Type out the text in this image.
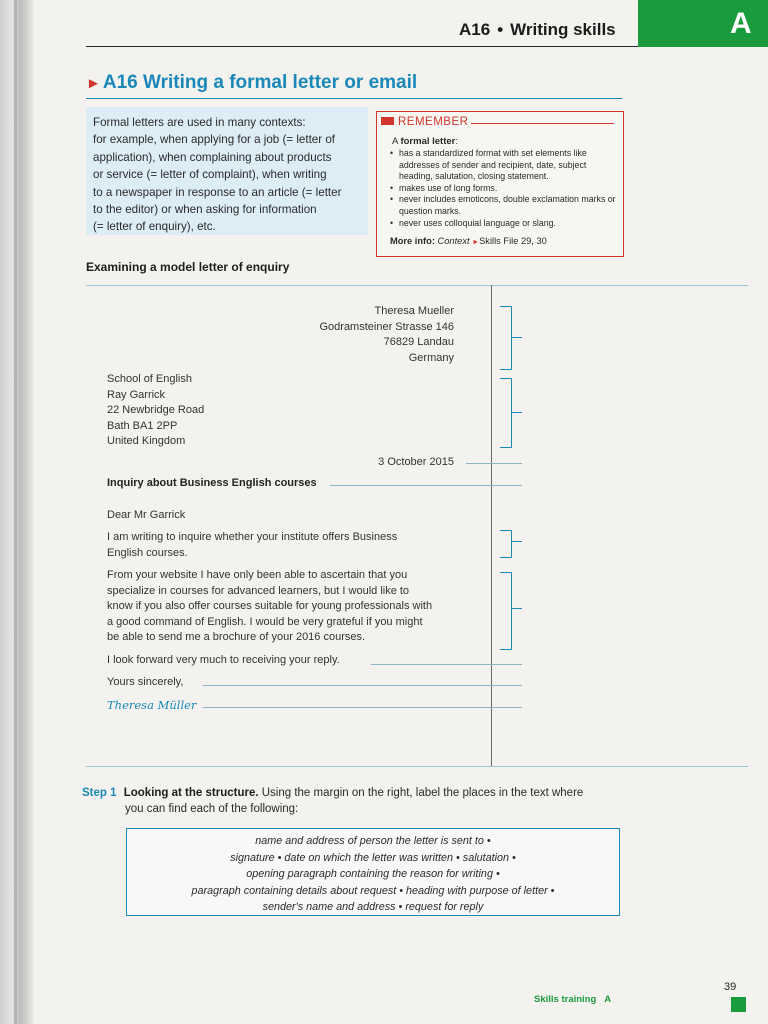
A16 • Writing skills	A
► A16 Writing a formal letter or email
Formal letters are used in many contexts:
for example, when applying for a job (= letter of
application), when complaining about products
or service (= letter of complaint), when writing
to a newspaper in response to an article (= letter
to the editor) or when asking for information
(= letter of enquiry), etc.
REMEMBER
A formal letter:
• has a standardized format with set elements like addresses of sender and recipient, date, subject heading, salutation, closing statement.
• makes use of long forms.
• never includes emoticons, double exclamation marks or question marks.
• never uses colloquial language or slang.
More info: Context ►Skills File 29, 30
Examining a model letter of enquiry
Theresa Mueller
Godramsteiner Strasse 146
76829 Landau
Germany
School of English
Ray Garrick
22 Newbridge Road
Bath BA1 2PP
United Kingdom
3 October 2015
Inquiry about Business English courses
Dear Mr Garrick
I am writing to inquire whether your institute offers Business
English courses.
From your website I have only been able to ascertain that you
specialize in courses for advanced learners, but I would like to
know if you also offer courses suitable for young professionals with
a good command of English. I would be very grateful if you might
be able to send me a brochure of your 2016 courses.
I look forward very much to receiving your reply.
Yours sincerely,
Theresa Müller
Step 1 Looking at the structure. Using the margin on the right, label the places in the text where
you can find each of the following:

name and address of person the letter is sent to •

signature • date on which the letter was written • salutation •

opening paragraph containing the reason for writing •

paragraph containing details about request • heading with purpose of letter •

sender's name and address • request for reply

39
Skills training A
